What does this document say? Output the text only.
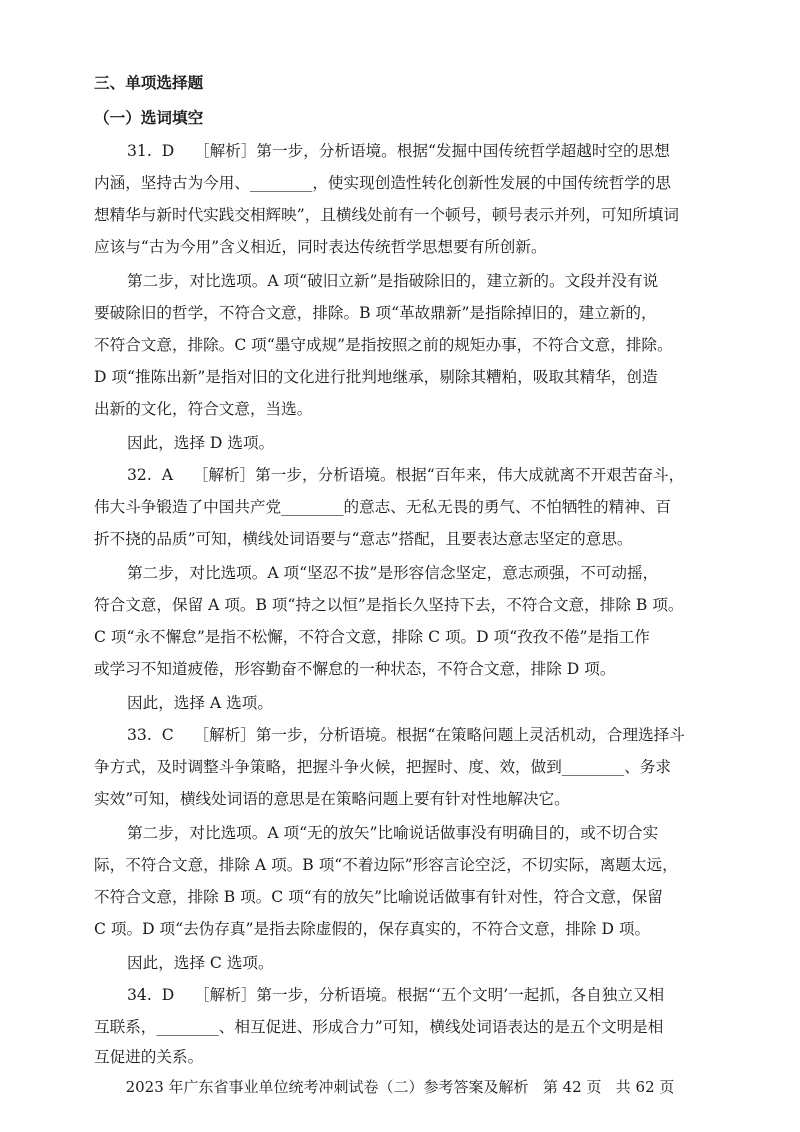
三、单项选择题
（一）选词填空
31.  D    ［解析］第一步，分析语境。根据“发掘中国传统哲学超越时空的思想
内涵，坚持古为今用、________，使实现创造性转化创新性发展的中国传统哲学的思
想精华与新时代实践交相辉映”，且横线处前有一个顿号，顿号表示并列，可知所填词
应该与“古为今用”含义相近，同时表达传统哲学思想要有所创新。
第二步，对比选项。A 项“破旧立新”是指破除旧的，建立新的。文段并没有说
要破除旧的哲学，不符合文意，排除。B 项“革故鼎新”是指除掉旧的，建立新的，
不符合文意，排除。C 项“墨守成规”是指按照之前的规矩办事，不符合文意，排除。
D 项“推陈出新”是指对旧的文化进行批判地继承，剔除其糟粕，吸取其精华，创造
出新的文化，符合文意，当选。
因此，选择 D 选项。
32.  A    ［解析］第一步，分析语境。根据“百年来，伟大成就离不开艰苦奋斗，
伟大斗争锻造了中国共产党________的意志、无私无畏的勇气、不怕牺牲的精神、百
折不挠的品质”可知，横线处词语要与“意志”搭配，且要表达意志坚定的意思。
第二步，对比选项。A 项“坚忍不拔”是形容信念坚定，意志顽强，不可动摇，
符合文意，保留 A 项。B 项“持之以恒”是指长久坚持下去，不符合文意，排除 B 项。
C 项“永不懈怠”是指不松懈，不符合文意，排除 C 项。D 项“孜孜不倦”是指工作
或学习不知道疲倦，形容勤奋不懈怠的一种状态，不符合文意，排除 D 项。
因此，选择 A 选项。
33.  C    ［解析］第一步，分析语境。根据“在策略问题上灵活机动，合理选择斗
争方式，及时调整斗争策略，把握斗争火候，把握时、度、效，做到________、务求
实效”可知，横线处词语的意思是在策略问题上要有针对性地解决它。
第二步，对比选项。A 项“无的放矢”比喻说话做事没有明确目的，或不切合实
际，不符合文意，排除 A 项。B 项“不着边际”形容言论空泛，不切实际，离题太远，
不符合文意，排除 B 项。C 项“有的放矢”比喻说话做事有针对性，符合文意，保留
C 项。D 项“去伪存真”是指去除虚假的，保存真实的，不符合文意，排除 D 项。
因此，选择 C 选项。
34.  D    ［解析］第一步，分析语境。根据“‘五个文明’一起抓，各自独立又相
互联系，________、相互促进、形成合力”可知，横线处词语表达的是五个文明是相
互促进的关系。
2023 年广东省事业单位统考冲刺试卷（二）参考答案及解析   第 42 页   共 62 页
